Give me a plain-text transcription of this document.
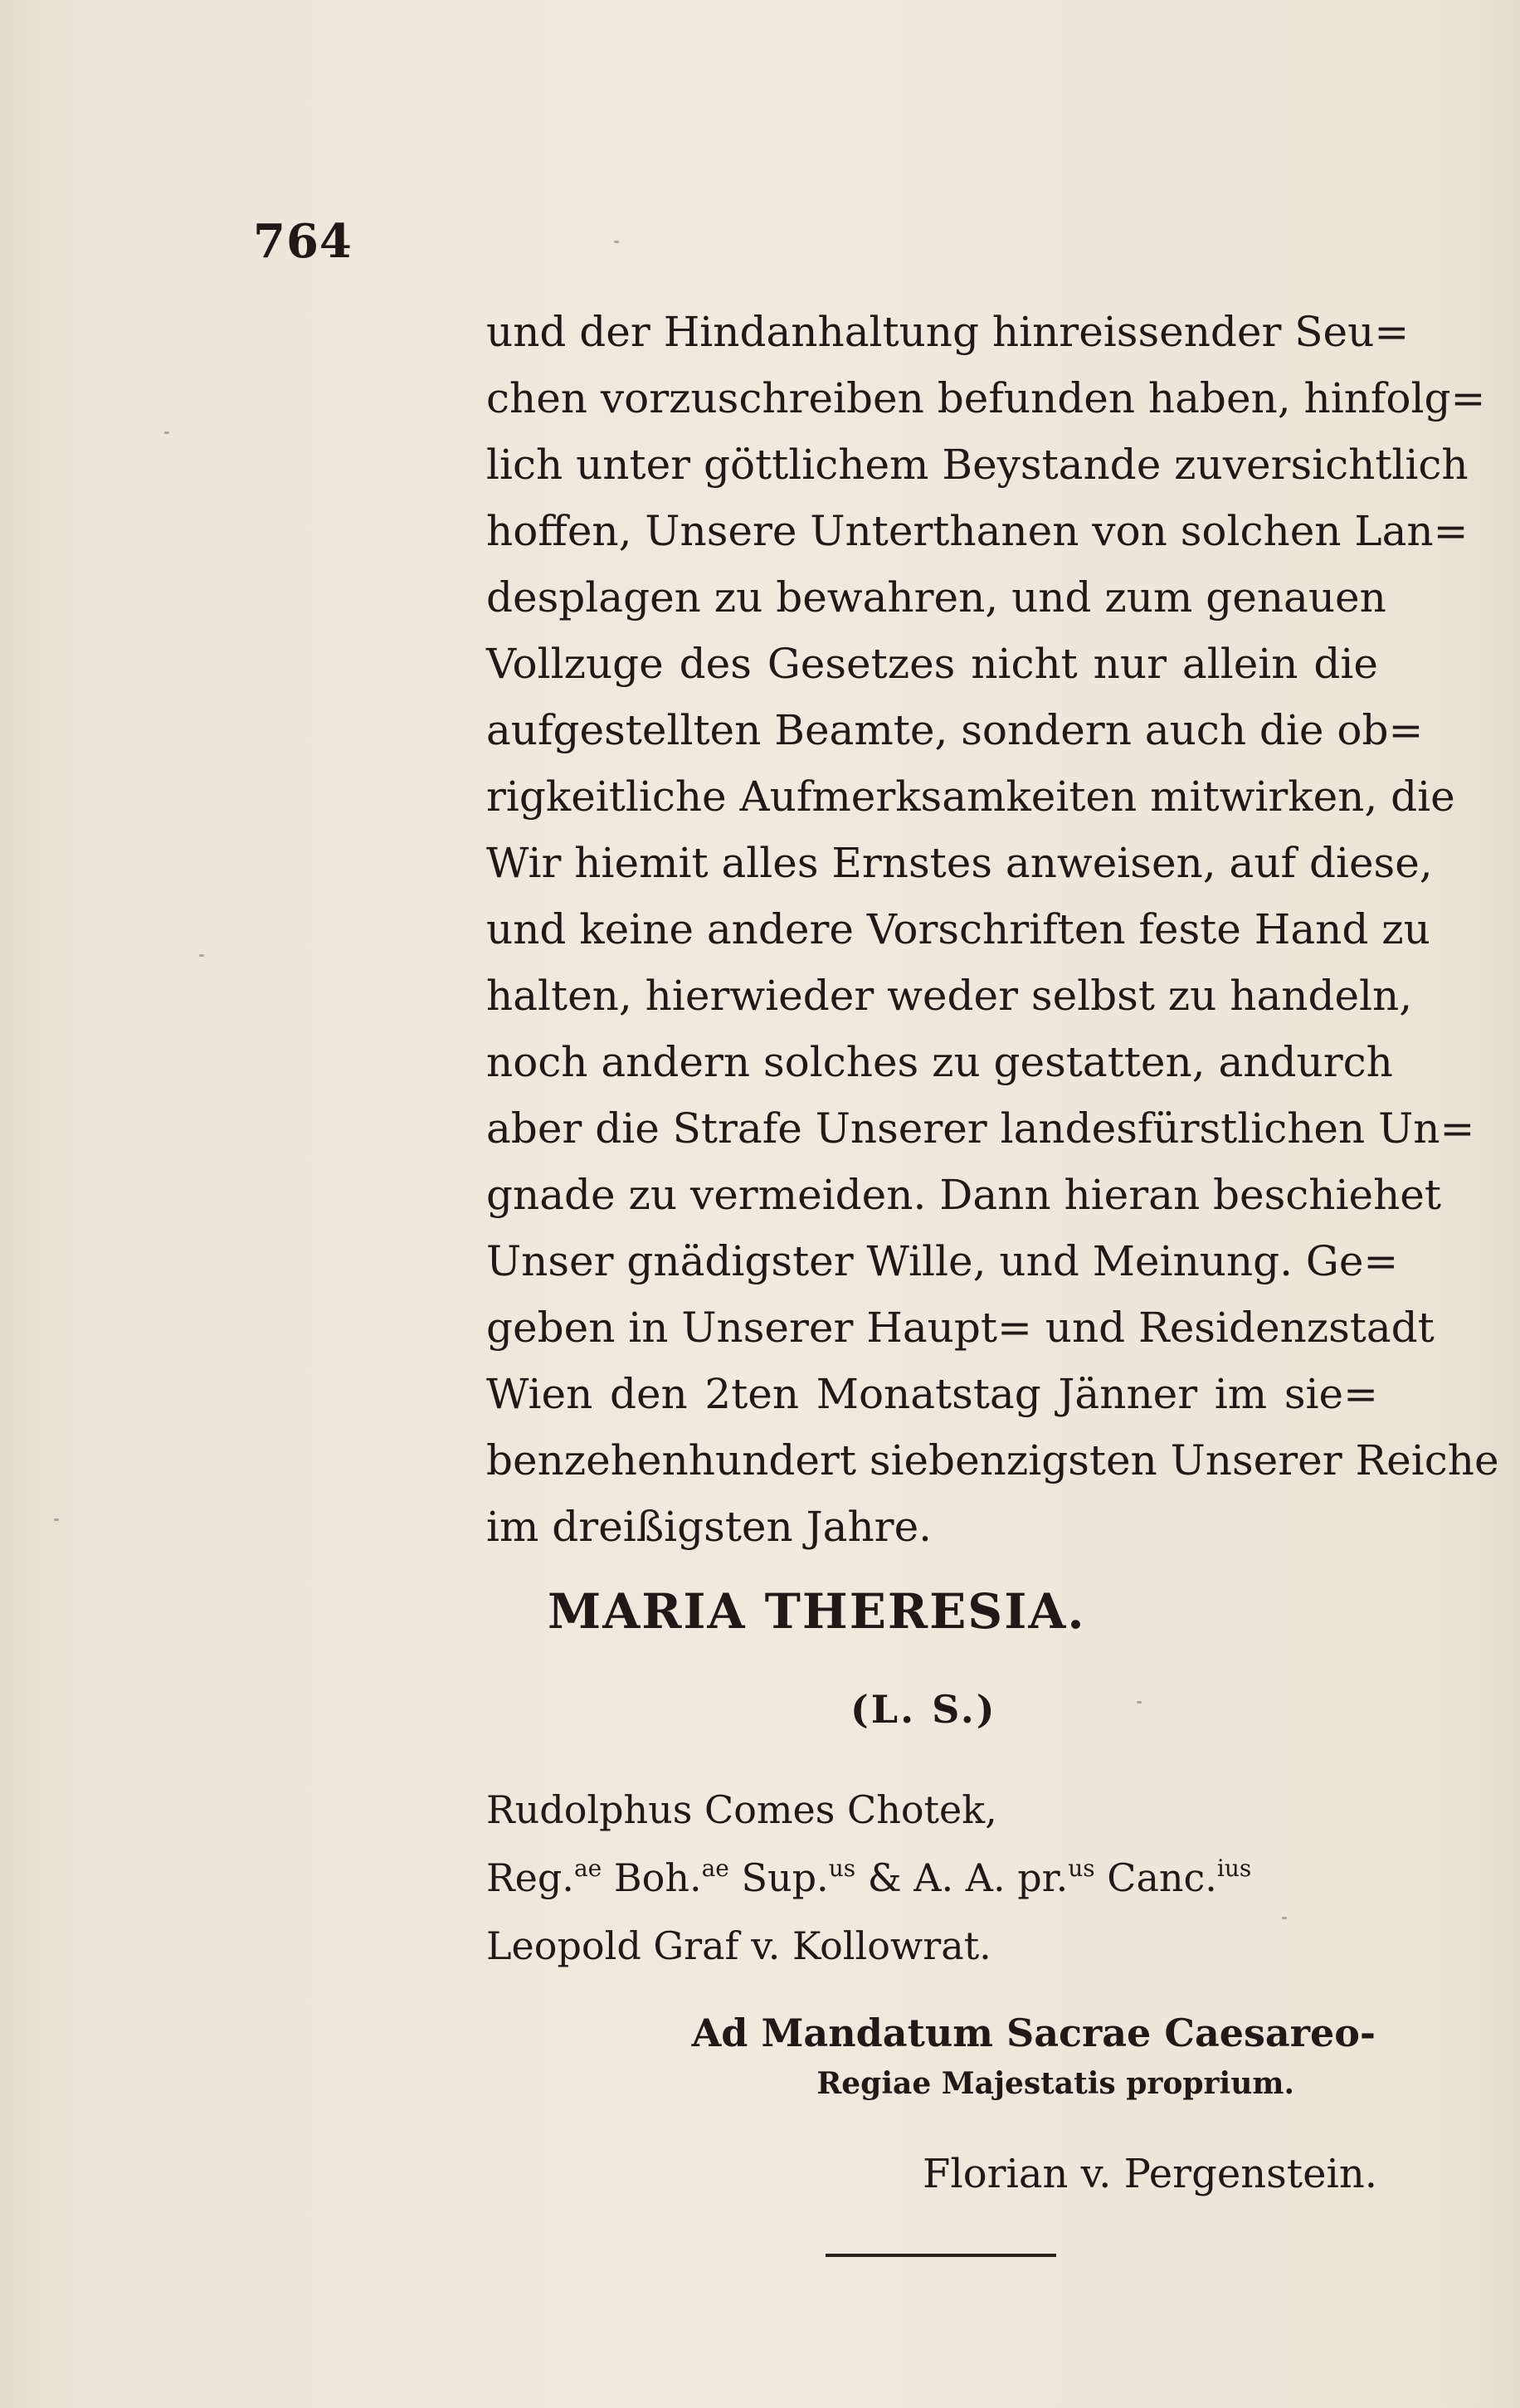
764
und der Hindanhaltung hinreissender Seu=
chen vorzuschreiben befunden haben, hinfolg=
lich unter göttlichem Beystande zuversichtlich
hoffen, Unsere Unterthanen von solchen Lan=
desplagen zu bewahren, und zum genauen
Vollzuge des Gesetzes nicht nur allein die
aufgestellten Beamte, sondern auch die ob=
rigkeitliche Aufmerksamkeiten mitwirken, die
Wir hiemit alles Ernstes anweisen, auf diese,
und keine andere Vorschriften feste Hand zu
halten, hierwieder weder selbst zu handeln,
noch andern solches zu gestatten, andurch
aber die Strafe Unserer landesfürstlichen Un=
gnade zu vermeiden. Dann hieran beschiehet
Unser gnädigster Wille, und Meinung. Ge=
geben in Unserer Haupt= und Residenzstadt
Wien den 2ten Monatstag Jänner im sie=
benzehenhundert siebenzigsten Unserer Reiche
im dreißigsten Jahre.
MARIA THERESIA.
(L. S.)
Rudolphus Comes Chotek,
Reg.$^{ae}$ Boh.$^{ae}$ Sup.$^{us}$ & A. A. pr.$^{us}$ Canc.$^{ius}$
Leopold Graf v. Kollowrat.
Ad Mandatum Sacrae Caesareo-
Regiae Majestatis proprium.
Florian v. Pergenstein.
